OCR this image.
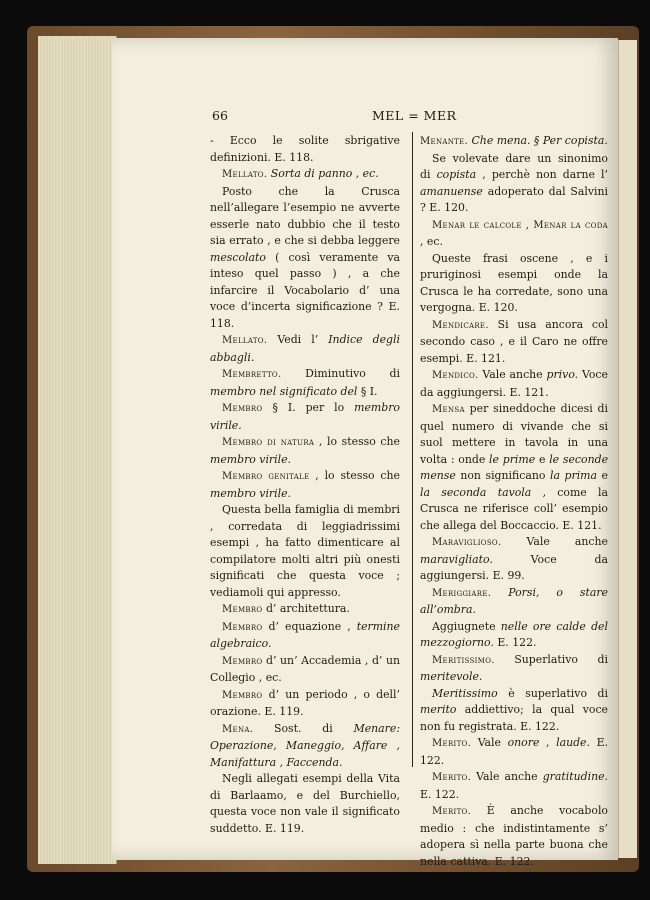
66	MEL = MER

- Ecco le solite sbrigative definizioni. E. 118.

Mellato. Sorta di panno , ec.

Posto che la Crusca nell’allegare l’esempio ne avverte esserle nato dubbio che il testo sia errato , e che si debba leggere mescolato ( così veramente va inteso quel passo ) , a che infarcire il Vocabolario d’ una voce d’incerta significazione ? E. 118.

Mellato. Vedi l’ Indice degli abbagli.

Membretto. Diminutivo di membro nel significato del § I.

Membro § I. per lo membro virile.

Membro di natura , lo stesso che membro virile.

Membro genitale , lo stesso che membro virile.

Questa bella famiglia di membri , corredata di leggiadrissimi esempi , ha fatto dimenticare al compilatore molti altri più onesti significati che questa voce ; vediamoli qui appresso.

Membro d’ architettura.

Membro d’ equazione , termine algebraico.

Membro d’ un’ Accademia , d’ un Collegio , ec.

Membro d’ un periodo , o dell’ orazione. E. 119.

Mena. Sost. di Menare: Operazione, Maneggio, Affare , Manifattura , Faccenda.

Negli allegati esempi della Vita di Barlaamo, e del Burchiello, questa voce non vale il significato suddetto. E. 119.

Menante. Che mena. § Per copista.

Se volevate dare un sinonimo di copista , perchè non darne l’ amanuense adoperato dal Salvini ? E. 120.

Menar le calcole , Menar la coda , ec.

Queste frasi oscene , e i pruriginosi esempi onde la Crusca le ha corredate, sono una vergogna. E. 120.

Mendicare. Si usa ancora col secondo caso , e il Caro ne offre esempi. E. 121.

Mendico. Vale anche privo. Voce da aggiungersi. E. 121.

Mensa per sineddoche dicesi di quel numero di vivande che si suol mettere in tavola in una volta : onde le prime e le seconde mense non significano la prima e la seconda tavola , come la Crusca ne riferisce coll’ esempio che allega del Boccaccio. E. 121.

Maraviglioso. Vale anche maravigliato. Voce da aggiungersi. E. 99.

Meriggiare. Porsi, o stare all’ombra.

Aggiugnete nelle ore calde del mezzogiorno. E. 122.

Meritissimo. Superlativo di meritevole.

Meritissimo è superlativo di merito addiettivo; la qual voce non fu registrata. E. 122.

Merito. Vale onore , laude. E. 122.

Merito. Vale anche gratitudine. E. 122.

Merito. È anche vocabolo medio : che indistintamente s’ adopera sì nella parte buona che nella cattiva. E. 122.
